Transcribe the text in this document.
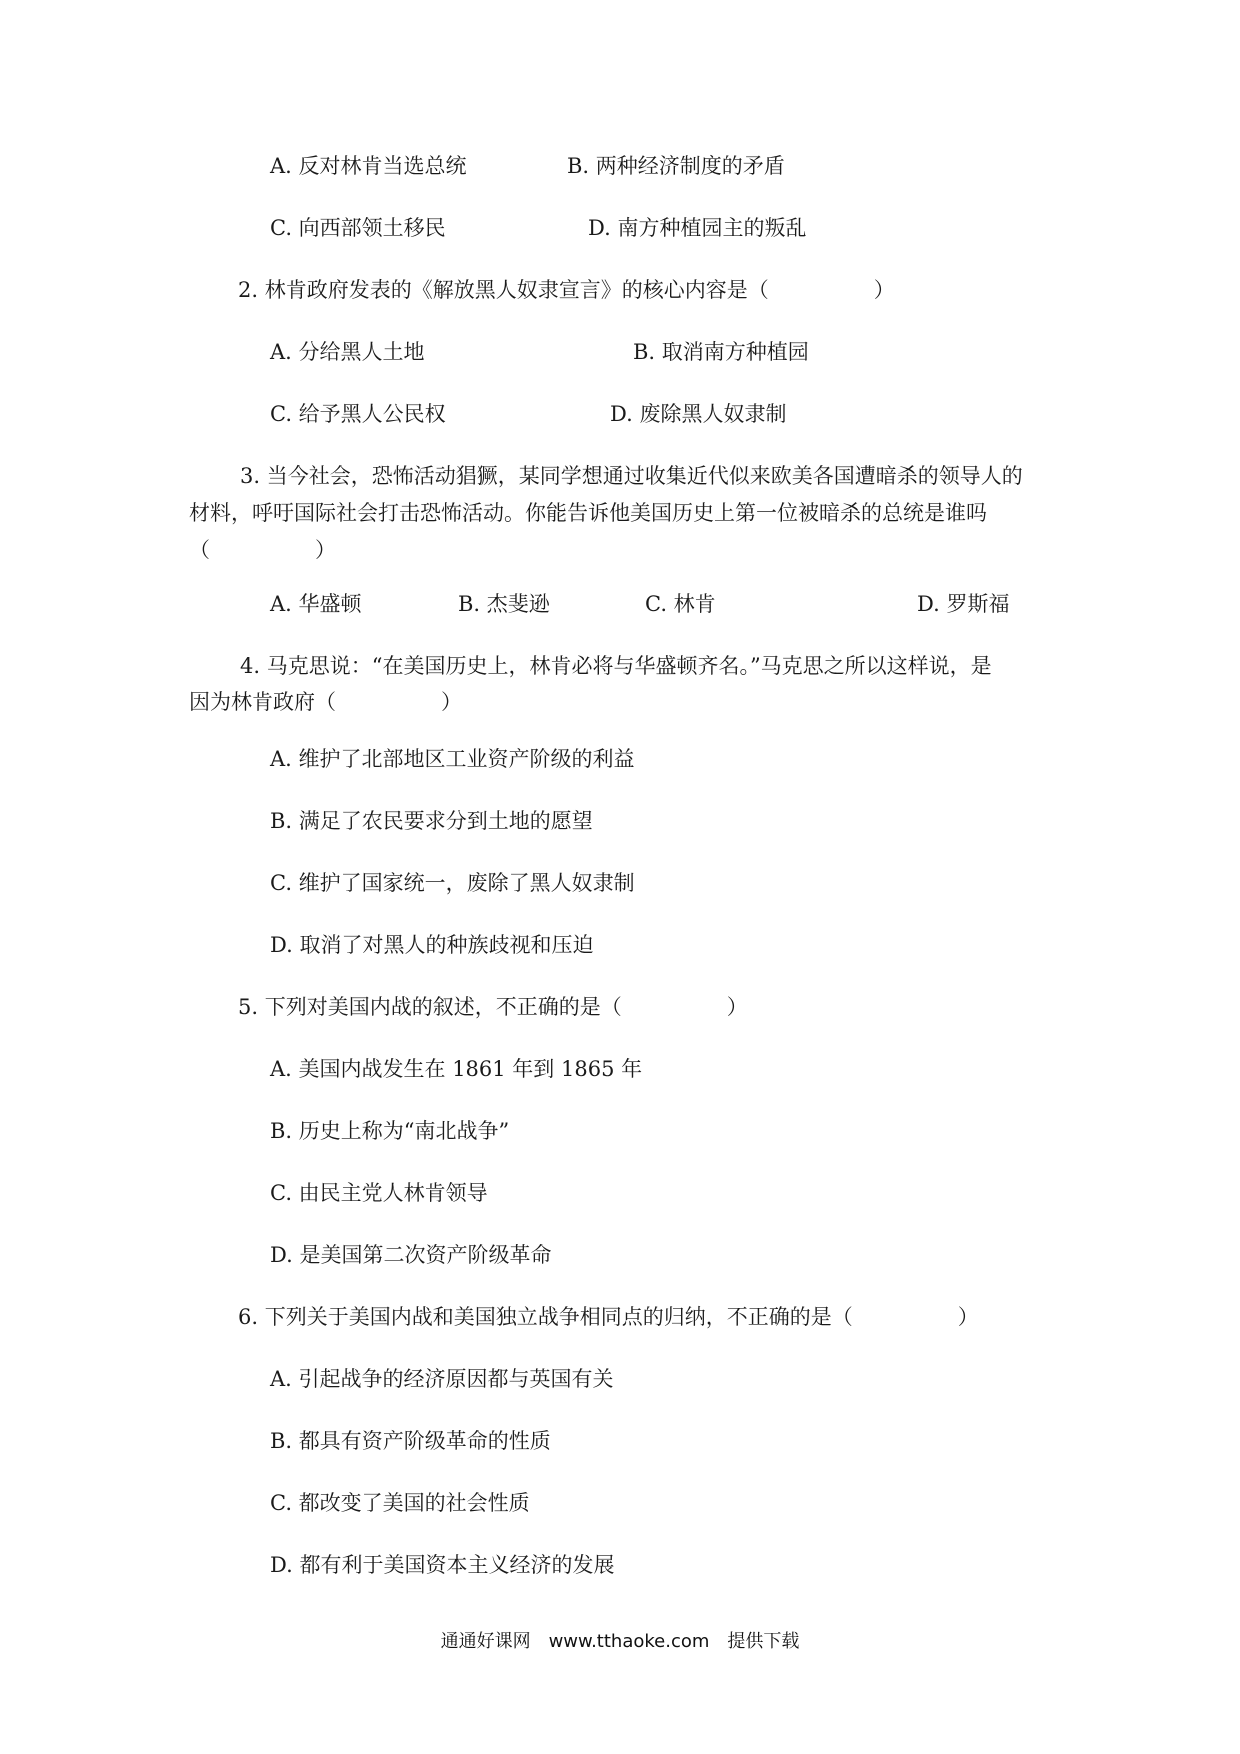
A. 反对林肯当选总统	B. 两种经济制度的矛盾
C. 向西部领土移民	D. 南方种植园主的叛乱
2. 林肯政府发表的《解放黑人奴隶宣言》的核心内容是（　　　　　）
A. 分给黑人土地	B. 取消南方种植园
C. 给予黑人公民权	D. 废除黑人奴隶制
3. 当今社会，恐怖活动猖獗，某同学想通过收集近代似来欧美各国遭暗杀的领导人的
材料，呼吁国际社会打击恐怖活动。你能告诉他美国历史上第一位被暗杀的总统是谁吗
（　　　　　）
A. 华盛顿	B. 杰斐逊	C. 林肯	D. 罗斯福
4. 马克思说：“在美国历史上，林肯必将与华盛顿齐名。”马克思之所以这样说，是
因为林肯政府（　　　　　）
A. 维护了北部地区工业资产阶级的利益
B. 满足了农民要求分到土地的愿望
C. 维护了国家统一，废除了黑人奴隶制
D. 取消了对黑人的种族歧视和压迫
5. 下列对美国内战的叙述，不正确的是（　　　　　）
A. 美国内战发生在 1861 年到 1865 年
B. 历史上称为“南北战争”
C. 由民主党人林肯领导
D. 是美国第二次资产阶级革命
6. 下列关于美国内战和美国独立战争相同点的归纳，不正确的是（　　　　　）
A. 引起战争的经济原因都与英国有关
B. 都具有资产阶级革命的性质
C. 都改变了美国的社会性质
D. 都有利于美国资本主义经济的发展
通通好课网　www.tthaoke.com　提供下载
